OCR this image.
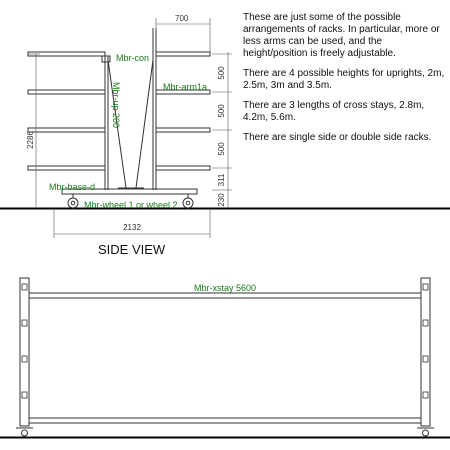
700
2286
2132
500
500
500
311
230
Mbr-con
Mbr-arm1a
Mbr-up 200
Mbr-base-d
Mbr-wheel 1 or wheel 2
Mbr-xstay 5600
SIDE VIEW

These are just some of the possible arrangements of racks. In particular, more or less arms can be used, and the height/position is freely adjustable.

There are 4 possible heights for uprights, 2m, 2.5m, 3m and 3.5m.

There are 3 lengths of cross stays, 2.8m, 4.2m, 5.6m.

There are single side or double side racks.
